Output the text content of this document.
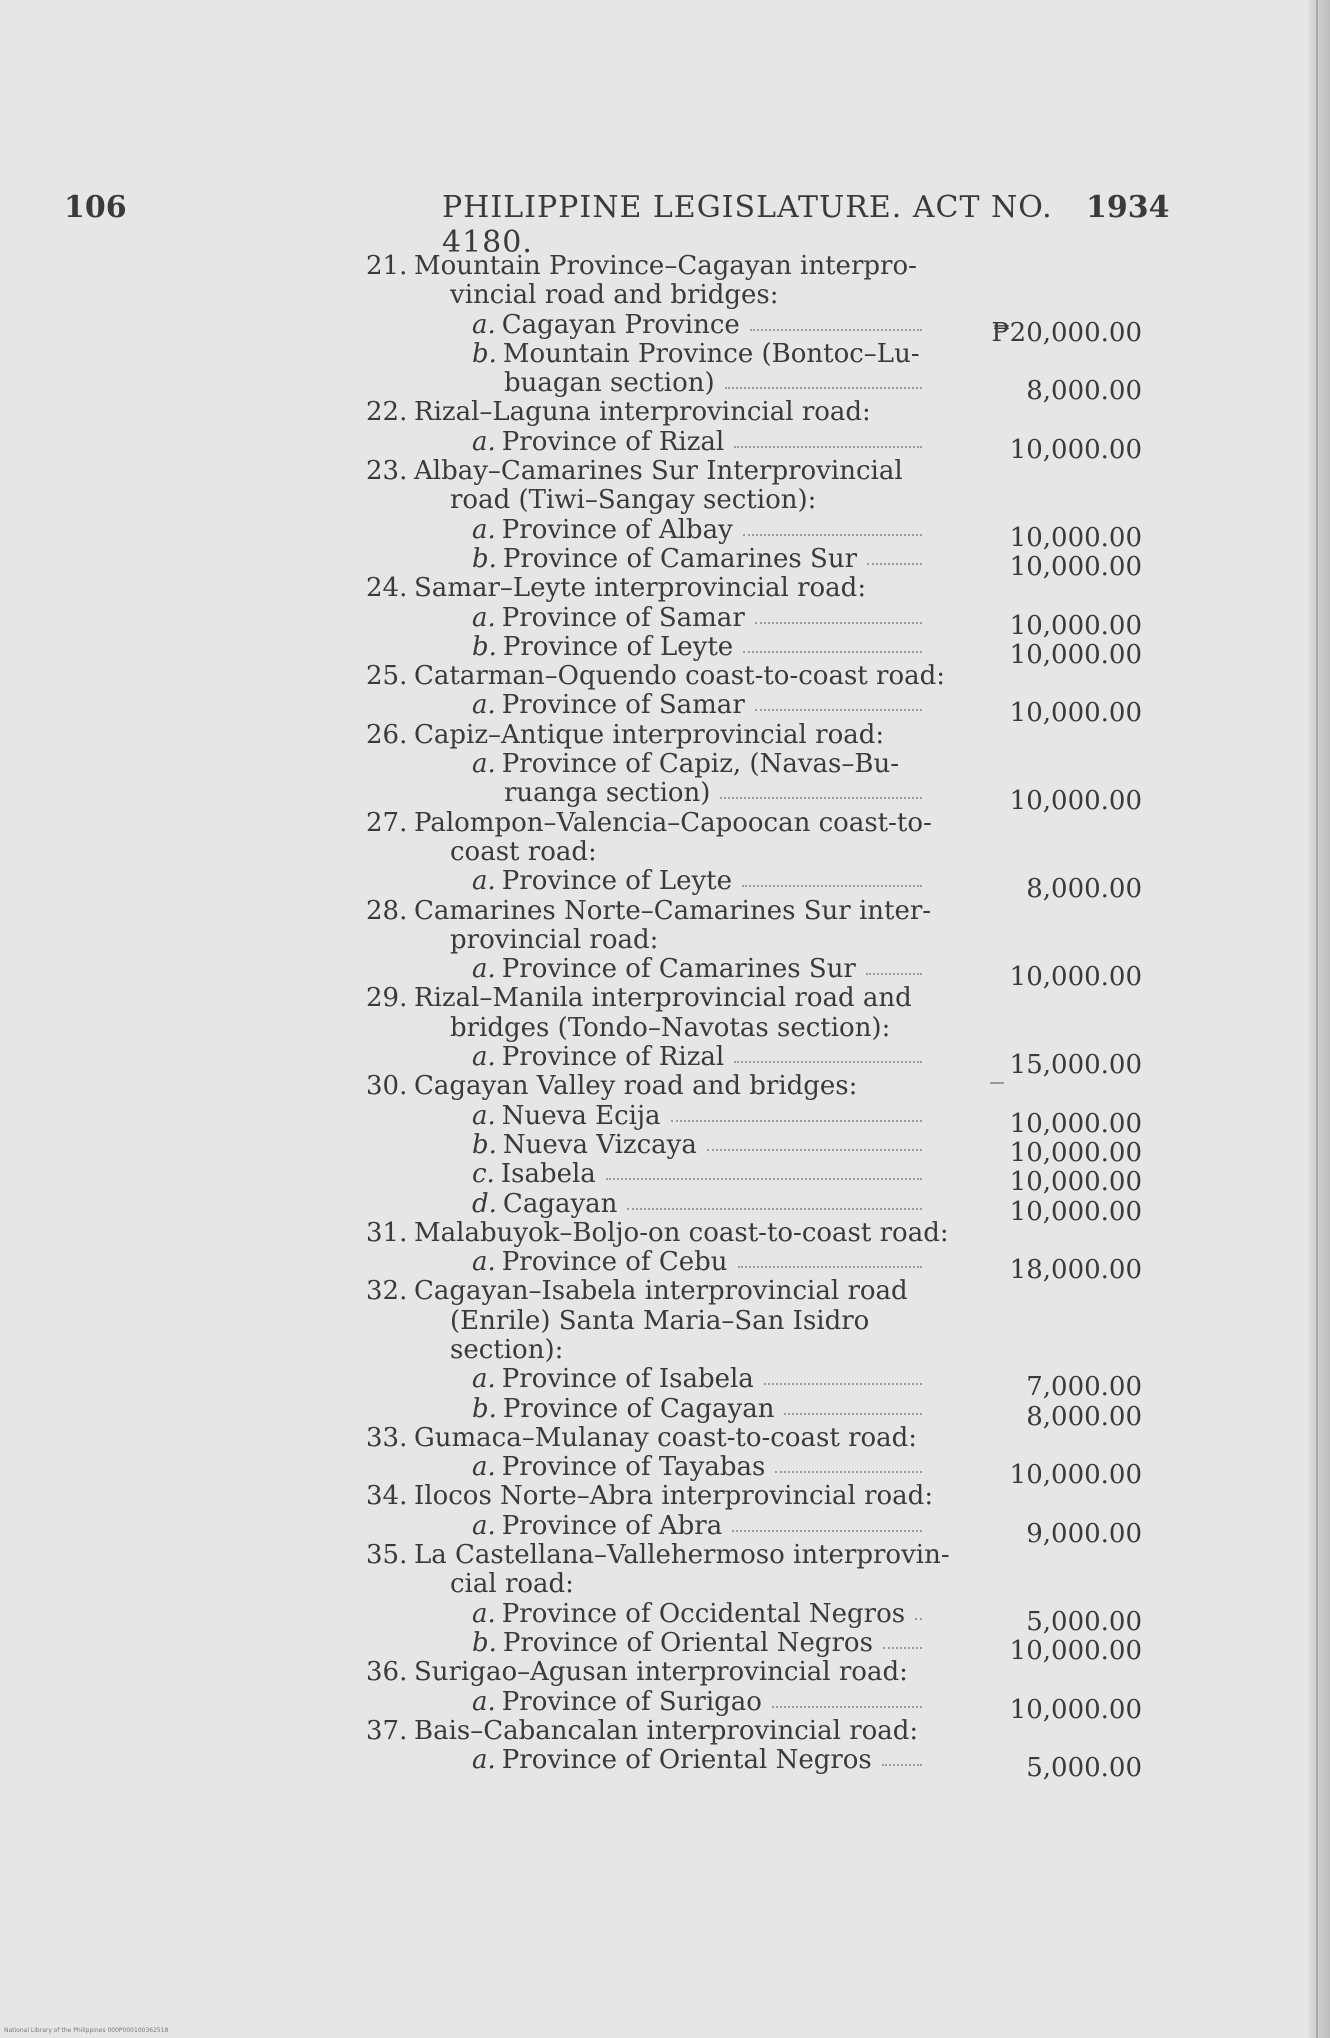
106	PHILIPPINE LEGISLATURE. ACT NO. 4180.
1934
21. Mountain Province–Cagayan interpro-
vincial road and bridges:
a. Cagayan Province	₱20,000.00
b. Mountain Province (Bontoc–Lu-
buagan section)	8,000.00
22. Rizal–Laguna interprovincial road:
a. Province of Rizal	10,000.00
23. Albay–Camarines Sur Interprovincial
road (Tiwi–Sangay section):
a. Province of Albay	10,000.00
b. Province of Camarines Sur	10,000.00
24. Samar–Leyte interprovincial road:
a. Province of Samar	10,000.00
b. Province of Leyte	10,000.00
25. Catarman–Oquendo coast-to-coast road:
a. Province of Samar	10,000.00
26. Capiz–Antique interprovincial road:
a. Province of Capiz, (Navas–Bu-
ruanga section)	10,000.00
27. Palompon–Valencia–Capoocan coast-to-
coast road:
a. Province of Leyte	8,000.00
28. Camarines Norte–Camarines Sur inter-
provincial road:
a. Province of Camarines Sur	10,000.00
29. Rizal–Manila interprovincial road and
bridges (Tondo–Navotas section):
a. Province of Rizal	15,000.00
30. Cagayan Valley road and bridges:
a. Nueva Ecija	10,000.00
b. Nueva Vizcaya	10,000.00
c. Isabela	10,000.00
d. Cagayan	10,000.00
31. Malabuyok–Boljo-on coast-to-coast road:
a. Province of Cebu	18,000.00
32. Cagayan–Isabela interprovincial road
(Enrile) Santa Maria–San Isidro
section):
a. Province of Isabela	7,000.00
b. Province of Cagayan	8,000.00
33. Gumaca–Mulanay coast-to-coast road:
a. Province of Tayabas	10,000.00
34. Ilocos Norte–Abra interprovincial road:
a. Province of Abra	9,000.00
35. La Castellana–Vallehermoso interprovin-
cial road:
a. Province of Occidental Negros	5,000.00
b. Province of Oriental Negros	10,000.00
36. Surigao–Agusan interprovincial road:
a. Province of Surigao	10,000.00
37. Bais–Cabancalan interprovincial road:
a. Province of Oriental Negros	5,000.00
National Library of the Philippines 000P000100362518
